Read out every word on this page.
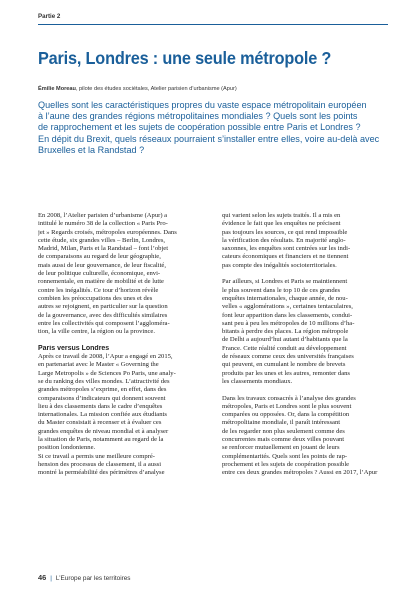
Partie 2
Paris, Londres : une seule métropole ?
Émilie Moreau, pilote des études sociétales, Atelier parisien d’urbanisme (Apur)
Quelles sont les caractéristiques propres du vaste espace métropolitain européen
à l’aune des grandes régions métropolitaines mondiales ? Quels sont les points
de rapprochement et les sujets de coopération possible entre Paris et Londres ?
En dépit du Brexit, quels réseaux pourraient s’installer entre elles, voire au-delà avec
Bruxelles et la Randstad ?
En 2008, l’Atelier parisien d’urbanisme (Apur) a
intitulé le numéro 38 de la collection « Paris Pro-
jet » Regards croisés, métropoles européennes. Dans
cette étude, six grandes villes – Berlin, Londres,
Madrid, Milan, Paris et la Randstad – font l’objet
de comparaisons au regard de leur géographie,
mais aussi de leur gouvernance, de leur fiscalité,
de leur politique culturelle, économique, envi-
ronnementale, en matière de mobilité et de lutte
contre les inégalités. Ce tour d’horizon révèle
combien les préoccupations des unes et des
autres se rejoignent, en particulier sur la question
de la gouvernance, avec des difficultés similaires
entre les collectivités qui composent l’aggloméra-
tion, la ville centre, la région ou la province.
Paris versus Londres
Après ce travail de 2008, l’Apur a engagé en 2015,
en partenariat avec le Master « Governing the
Large Metropolis » de Sciences Po Paris, une analy-
se du ranking des villes mondes. L’attractivité des
grandes métropoles s’exprime, en effet, dans des
comparaisons d’indicateurs qui donnent souvent
lieu à des classements dans le cadre d’enquêtes
internationales. La mission confiée aux étudiants
du Master consistait à recenser et à évaluer ces
grandes enquêtes de niveau mondial et à analyser
la situation de Paris, notamment au regard de la
position londonienne.
Si ce travail a permis une meilleure compré-
hension des processus de classement, il a aussi
montré la perméabilité des périmètres d’analyse
qui varient selon les sujets traités. Il a mis en
évidence le fait que les enquêtes ne précisent
pas toujours les sources, ce qui rend impossible
la vérification des résultats. En majorité anglo-
saxonnes, les enquêtes sont centrées sur les indi-
cateurs économiques et financiers et ne tiennent
pas compte des inégalités socioterritoriales.
Par ailleurs, si Londres et Paris se maintiennent
le plus souvent dans le top 10 de ces grandes
enquêtes internationales, chaque année, de nou-
velles « agglomérations », certaines tentaculaires,
font leur apparition dans les classements, condui-
sant peu à peu les métropoles de 10 millions d’ha-
bitants à perdre des places. La région métropole
de Delhi a aujourd’hui autant d’habitants que la
France. Cette réalité conduit au développement
de réseaux comme ceux des universités françaises
qui peuvent, en cumulant le nombre de brevets
produits par les unes et les autres, remonter dans
les classements mondiaux.
Dans les travaux consacrés à l’analyse des grandes
métropoles, Paris et Londres sont le plus souvent
comparées ou opposées. Or, dans la compétition
métropolitaine mondiale, il paraît intéressant
de les regarder non plus seulement comme des
concurrentes mais comme deux villes pouvant
se renforcer mutuellement en jouant de leurs
complémentarités. Quels sont les points de rap-
prochement et les sujets de coopération possible
entre ces deux grandes métropoles ? Aussi en 2017, l’Apur
46 | L’Europe par les territoires
